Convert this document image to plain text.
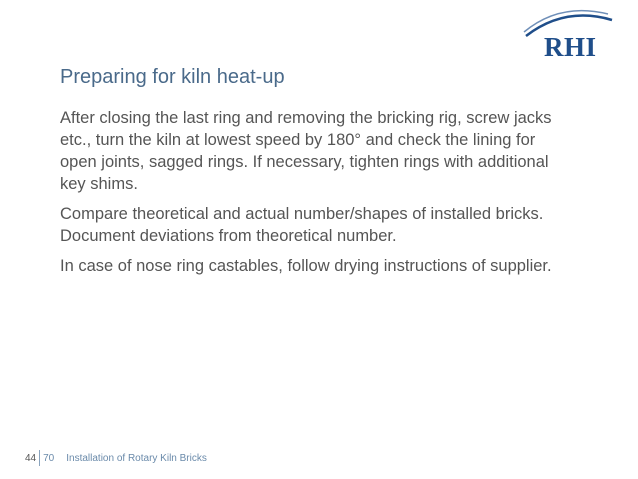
RHI
Preparing for kiln heat-up

After closing the last ring and removing the bricking rig, screw jacks etc., turn the kiln at lowest speed by 180° and check the lining for open joints, sagged rings. If necessary, tighten rings with additional key shims.

Compare theoretical and actual number/shapes of installed bricks. Document deviations from theoretical number.

In case of nose ring castables, follow drying instructions of supplier.

44 70 Installation of Rotary Kiln Bricks
